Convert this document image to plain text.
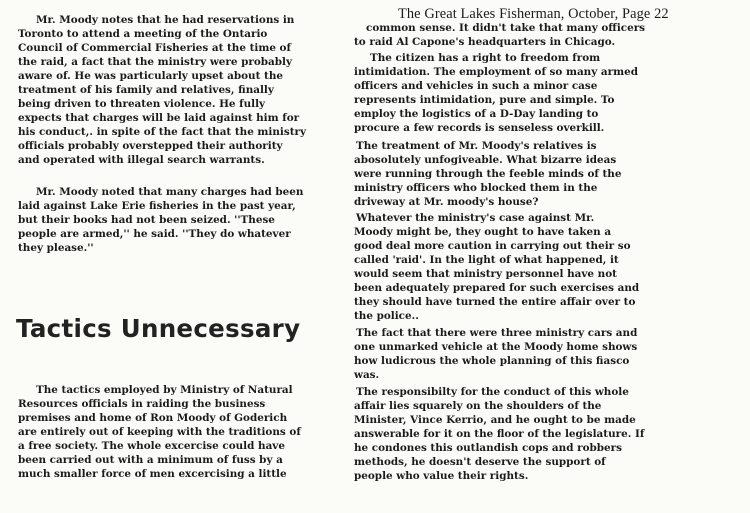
The Great Lakes Fisherman, October, Page 22
Mr. Moody notes that he had reservations in
Toronto to attend a meeting of the Ontario
Council of Commercial Fisheries at the time of
the raid, a fact that the ministry were probably
aware of. He was particularly upset about the
treatment of his family and relatives, finally
being driven to threaten violence. He fully
expects that charges will be laid against him for
his conduct,. in spite of the fact that the ministry
officials probably overstepped their authority
and operated with illegal search warrants.
Mr. Moody noted that many charges had been
laid against Lake Erie fisheries in the past year,
but their books had not been seized. ''These
people are armed,'' he said. ''They do whatever
they please.''
The tactics employed by Ministry of Natural
Resources officials in raiding the business
premises and home of Ron Moody of Goderich
are entirely out of keeping with the traditions of
a free society. The whole excercise could have
been carried out with a minimum of fuss by a
much smaller force of men excercising a little
Tactics Unnecessary
common sense. It didn't take that many officers
to raid Al Capone's headquarters in Chicago.
The citizen has a right to freedom from
intimidation. The employment of so many armed
officers and vehicles in such a minor case
represents intimidation, pure and simple. To
employ the logistics of a D-Day landing to
procure a few records is senseless overkill.
The treatment of Mr. Moody's relatives is
abosolutely unfogiveable. What bizarre ideas
were running through the feeble minds of the
ministry officers who blocked them in the
driveway at Mr. moody's house?
Whatever the ministry's case against Mr.
Moody might be, they ought to have taken a
good deal more caution in carrying out their so
called 'raid'. In the light of what happened, it
would seem that ministry personnel have not
been adequately prepared for such exercises and
they should have turned the entire affair over to
the police..
The fact that there were three ministry cars and
one unmarked vehicle at the Moody home shows
how ludicrous the whole planning of this fiasco
was.
The responsibilty for the conduct of this whole
affair lies squarely on the shoulders of the
Minister, Vince Kerrio, and he ought to be made
answerable for it on the floor of the legislature. If
he condones this outlandish cops and robbers
methods, he doesn't deserve the support of
people who value their rights.
